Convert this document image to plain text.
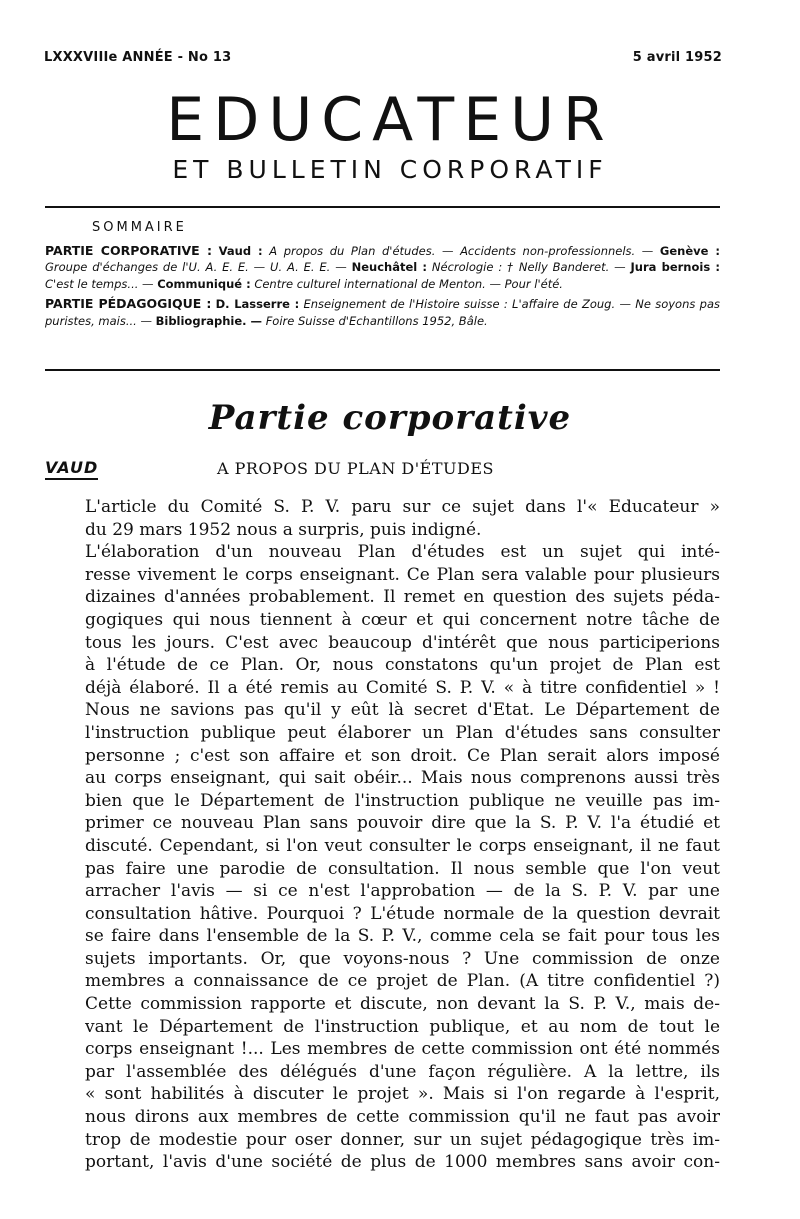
LXXXVIIIe ANNÉE - No 13	5 avril 1952
EDUCATEUR
ET BULLETIN CORPORATIF
SOMMAIRE
PARTIE CORPORATIVE : Vaud : A propos du Plan d'études. — Accidents non-professionnels. — Genève : Groupe d'échanges de l'U. A. E. E. — U. A. E. E. — Neuchâtel : Nécrologie : † Nelly Banderet. — Jura bernois : C'est le temps... — Communiqué : Centre culturel international de Menton. — Pour l'été.
PARTIE PÉDAGOGIQUE : D. Lasserre : Enseignement de l'Histoire suisse : L'affaire de Zoug. — Ne soyons pas puristes, mais... — Bibliographie. — Foire Suisse d'Echantillons 1952, Bâle.
Partie corporative
VAUD	A PROPOS DU PLAN D'ÉTUDES

L'article du Comité S. P. V. paru sur ce sujet dans l'« Educateur »
du 29 mars 1952 nous a surpris, puis indigné.

L'élaboration d'un nouveau Plan d'études est un sujet qui inté-
resse vivement le corps enseignant. Ce Plan sera valable pour plusieurs
dizaines d'années probablement. Il remet en question des sujets péda-
gogiques qui nous tiennent à cœur et qui concernent notre tâche de
tous les jours. C'est avec beaucoup d'intérêt que nous participerions
à l'étude de ce Plan. Or, nous constatons qu'un projet de Plan est
déjà élaboré. Il a été remis au Comité S. P. V. « à titre confidentiel » !
Nous ne savions pas qu'il y eût là secret d'Etat. Le Département de
l'instruction publique peut élaborer un Plan d'études sans consulter
personne ; c'est son affaire et son droit. Ce Plan serait alors imposé
au corps enseignant, qui sait obéir... Mais nous comprenons aussi très
bien que le Département de l'instruction publique ne veuille pas im-
primer ce nouveau Plan sans pouvoir dire que la S. P. V. l'a étudié et
discuté. Cependant, si l'on veut consulter le corps enseignant, il ne faut
pas faire une parodie de consultation. Il nous semble que l'on veut
arracher l'avis — si ce n'est l'approbation — de la S. P. V. par une
consultation hâtive. Pourquoi ? L'étude normale de la question devrait
se faire dans l'ensemble de la S. P. V., comme cela se fait pour tous les
sujets importants. Or, que voyons-nous ? Une commission de onze
membres a connaissance de ce projet de Plan. (A titre confidentiel ?)
Cette commission rapporte et discute, non devant la S. P. V., mais de-
vant le Département de l'instruction publique, et au nom de tout le
corps enseignant !... Les membres de cette commission ont été nommés
par l'assemblée des délégués d'une façon régulière. A la lettre, ils
« sont habilités à discuter le projet ». Mais si l'on regarde à l'esprit,
nous dirons aux membres de cette commission qu'il ne faut pas avoir
trop de modestie pour oser donner, sur un sujet pédagogique très im-
portant, l'avis d'une société de plus de 1000 membres sans avoir con-
